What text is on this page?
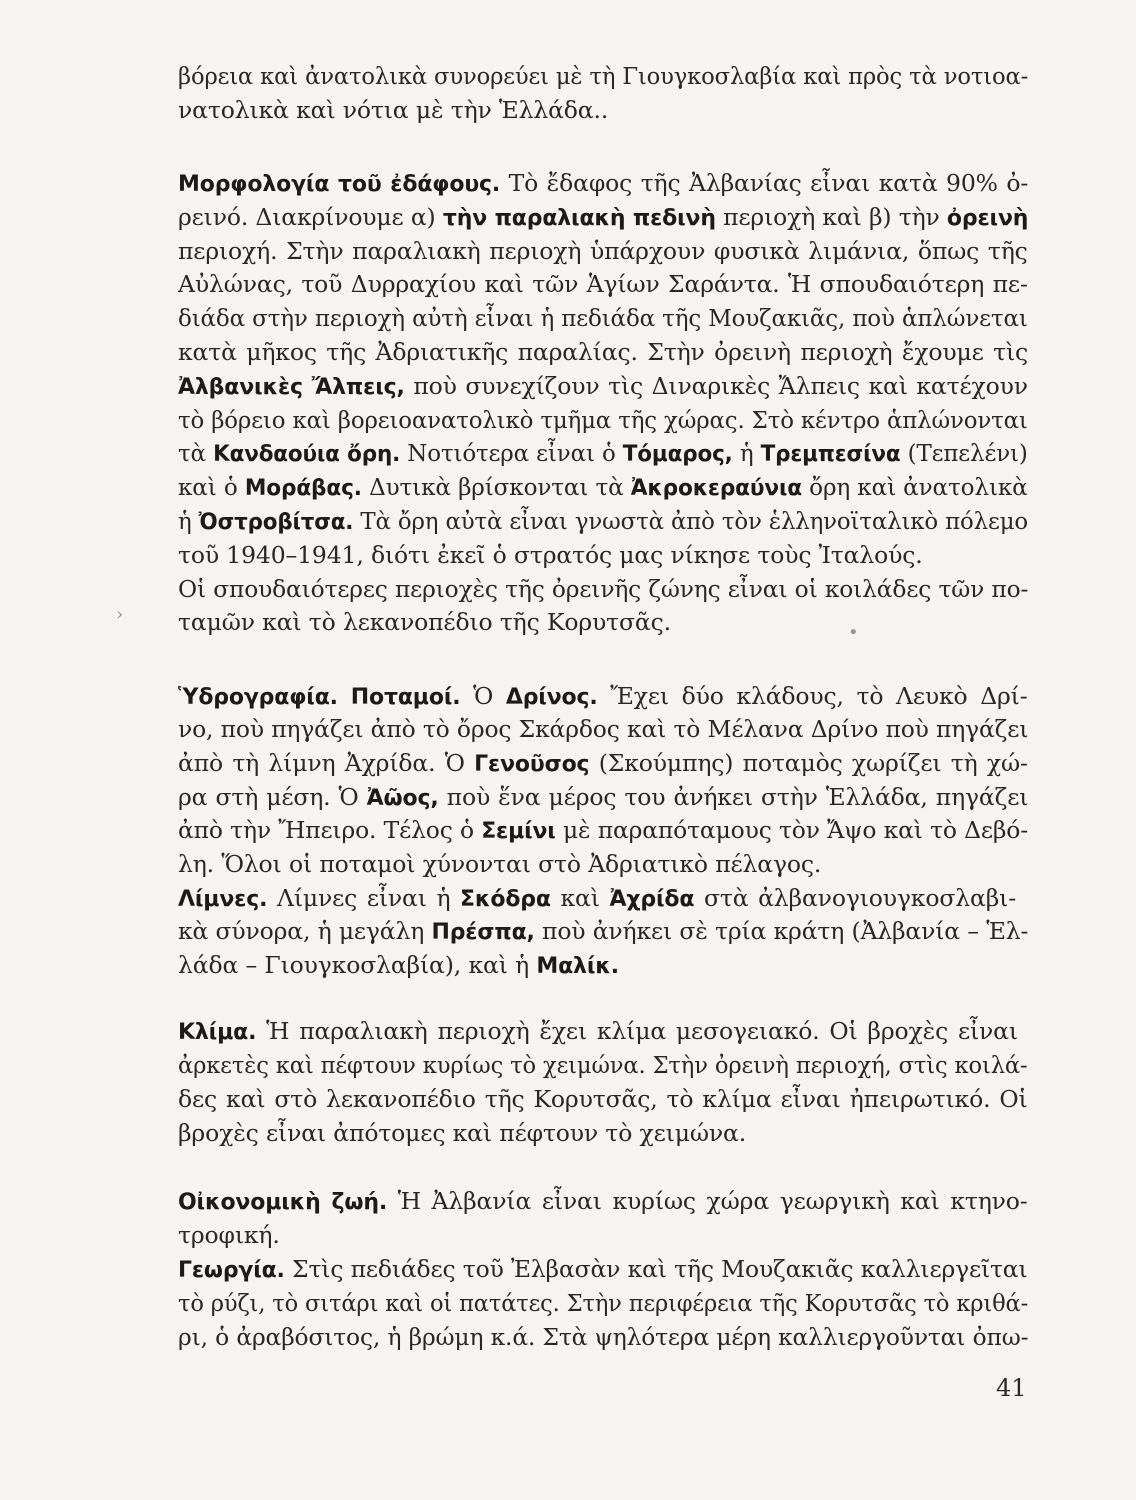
βόρεια καὶ ἀνατολικὰ συνορεύει μὲ τὴ Γιουγκοσλαβία καὶ πρὸς τὰ νοτιοα-
νατολικὰ καὶ νότια μὲ τὴν Ἑλλάδα..
Μορφολογία τοῦ ἐδάφους. Τὸ ἔδαφος τῆς Ἀλβανίας εἶναι κατὰ 90% ὀ-
ρεινό. Διακρίνουμε α) τὴν παραλιακὴ πεδινὴ περιοχὴ καὶ β) τὴν ὀρεινὴ
περιοχή. Στὴν παραλιακὴ περιοχὴ ὑπάρχουν φυσικὰ λιμάνια, ὅπως τῆς
Αὐλώνας, τοῦ Δυρραχίου καὶ τῶν Ἁγίων Σαράντα. Ἡ σπουδαιότερη πε-
διάδα στὴν περιοχὴ αὐτὴ εἶναι ἡ πεδιάδα τῆς Μουζακιᾶς, ποὺ ἁπλώνεται
κατὰ μῆκος τῆς Ἀδριατικῆς παραλίας. Στὴν ὀρεινὴ περιοχὴ ἔχουμε τὶς
Ἀλβανικὲς Ἄλπεις, ποὺ συνεχίζουν τὶς Διναρικὲς Ἄλπεις καὶ κατέχουν
τὸ βόρειο καὶ βορειοανατολικὸ τμῆμα τῆς χώρας. Στὸ κέντρο ἁπλώνονται
τὰ Κανδαούια ὄρη. Νοτιότερα εἶναι ὁ Τόμαρος, ἡ Τρεμπεσίνα (Τεπελένι)
καὶ ὁ Μοράβας. Δυτικὰ βρίσκονται τὰ Ἀκροκεραύνια ὄρη καὶ ἀνατολικὰ
ἡ Ὀστροβίτσα. Τὰ ὄρη αὐτὰ εἶναι γνωστὰ ἀπὸ τὸν ἑλληνοϊταλικὸ πόλεμο
τοῦ 1940–1941, διότι ἐκεῖ ὁ στρατός μας νίκησε τοὺς Ἰταλούς.
Οἱ σπουδαιότερες περιοχὲς τῆς ὀρεινῆς ζώνης εἶναι οἱ κοιλάδες τῶν πο-
ταμῶν καὶ τὸ λεκανοπέδιο τῆς Κορυτσᾶς.
Ὑδρογραφία. Ποταμοί. Ὁ Δρίνος. Ἔχει δύο κλάδους, τὸ Λευκὸ Δρί-
νο, ποὺ πηγάζει ἀπὸ τὸ ὄρος Σκάρδος καὶ τὸ Μέλανα Δρίνο ποὺ πηγάζει
ἀπὸ τὴ λίμνη Ἀχρίδα. Ὁ Γενοῦσος (Σκούμπης) ποταμὸς χωρίζει τὴ χώ-
ρα στὴ μέση. Ὁ Ἀῶος, ποὺ ἕνα μέρος του ἀνήκει στὴν Ἑλλάδα, πηγάζει
ἀπὸ τὴν Ἤπειρο. Τέλος ὁ Σεμίνι μὲ παραπόταμους τὸν Ἄψο καὶ τὸ Δεβό-
λη. Ὅλοι οἱ ποταμοὶ χύνονται στὸ Ἀδριατικὸ πέλαγος.
Λίμνες. Λίμνες εἶναι ἡ Σκόδρα καὶ Ἀχρίδα στὰ ἀλβανογιουγκοσλαβι-
κὰ σύνορα, ἡ μεγάλη Πρέσπα, ποὺ ἀνήκει σὲ τρία κράτη (Ἀλβανία – Ἑλ-
λάδα – Γιουγκοσλαβία), καὶ ἡ Μαλίκ.
Κλίμα. Ἡ παραλιακὴ περιοχὴ ἔχει κλίμα μεσογειακό. Οἱ βροχὲς εἶναι
ἀρκετὲς καὶ πέφτουν κυρίως τὸ χειμώνα. Στὴν ὀρεινὴ περιοχή, στὶς κοιλά-
δες καὶ στὸ λεκανοπέδιο τῆς Κορυτσᾶς, τὸ κλίμα εἶναι ἠπειρωτικό. Οἱ
βροχὲς εἶναι ἀπότομες καὶ πέφτουν τὸ χειμώνα.
Οἰκονομικὴ ζωή. Ἡ Ἀλβανία εἶναι κυρίως χώρα γεωργικὴ καὶ κτηνο-
τροφική.
Γεωργία. Στὶς πεδιάδες τοῦ Ἐλβασὰν καὶ τῆς Μουζακιᾶς καλλιεργεῖται
τὸ ρύζι, τὸ σιτάρι καὶ οἱ πατάτες. Στὴν περιφέρεια τῆς Κορυτσᾶς τὸ κριθά-
ρι, ὁ ἀραβόσιτος, ἡ βρώμη κ.ά. Στὰ ψηλότερα μέρη καλλιεργοῦνται ὀπω-
›
•
41
